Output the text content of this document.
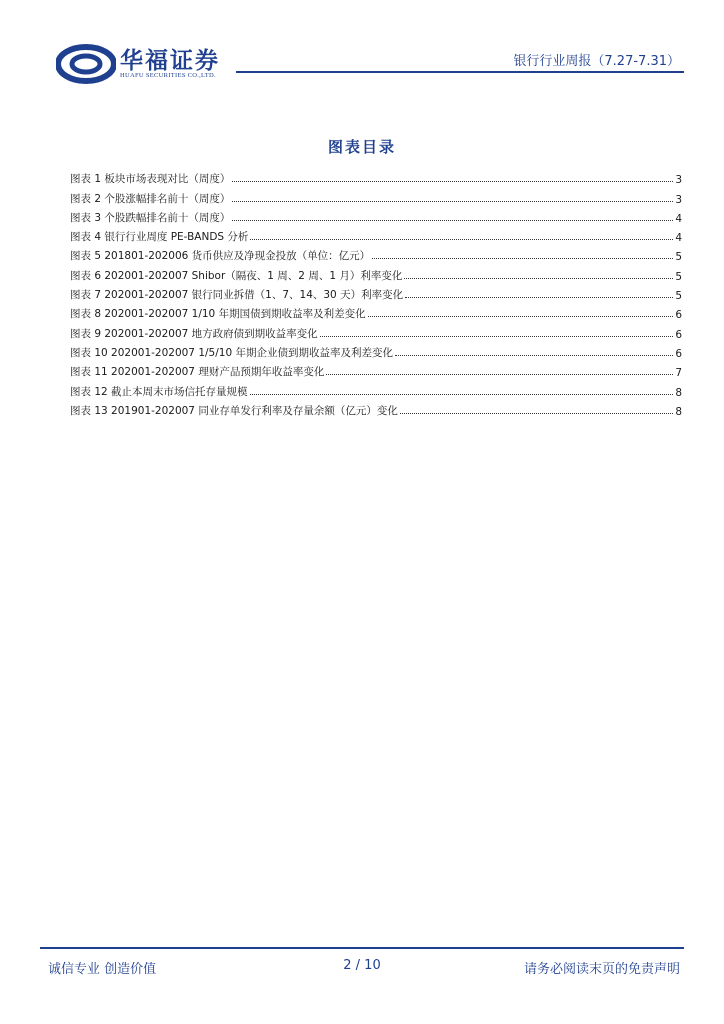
华福证券
HUAFU SECURITIES CO.,LTD.
银行行业周报（7.27-7.31）
图表目录
图表 1 板块市场表现对比（周度）	3
图表 2 个股涨幅排名前十（周度）	3
图表 3 个股跌幅排名前十（周度）	4
图表 4 银行行业周度 PE-BANDS 分析	4
图表 5 201801-202006 货币供应及净现金投放（单位：亿元）	5
图表 6 202001-202007 Shibor（隔夜、1 周、2 周、1 月）利率变化	5
图表 7 202001-202007 银行同业拆借（1、7、14、30 天）利率变化	5
图表 8 202001-202007 1/10 年期国债到期收益率及利差变化	6
图表 9 202001-202007 地方政府债到期收益率变化	6
图表 10 202001-202007 1/5/10 年期企业债到期收益率及利差变化	6
图表 11 202001-202007 理财产品预期年收益率变化	7
图表 12 截止本周末市场信托存量规模	8
图表 13 201901-202007 同业存单发行利率及存量余额（亿元）变化	8
诚信专业 创造价值	2 / 10	请务必阅读末页的免责声明
